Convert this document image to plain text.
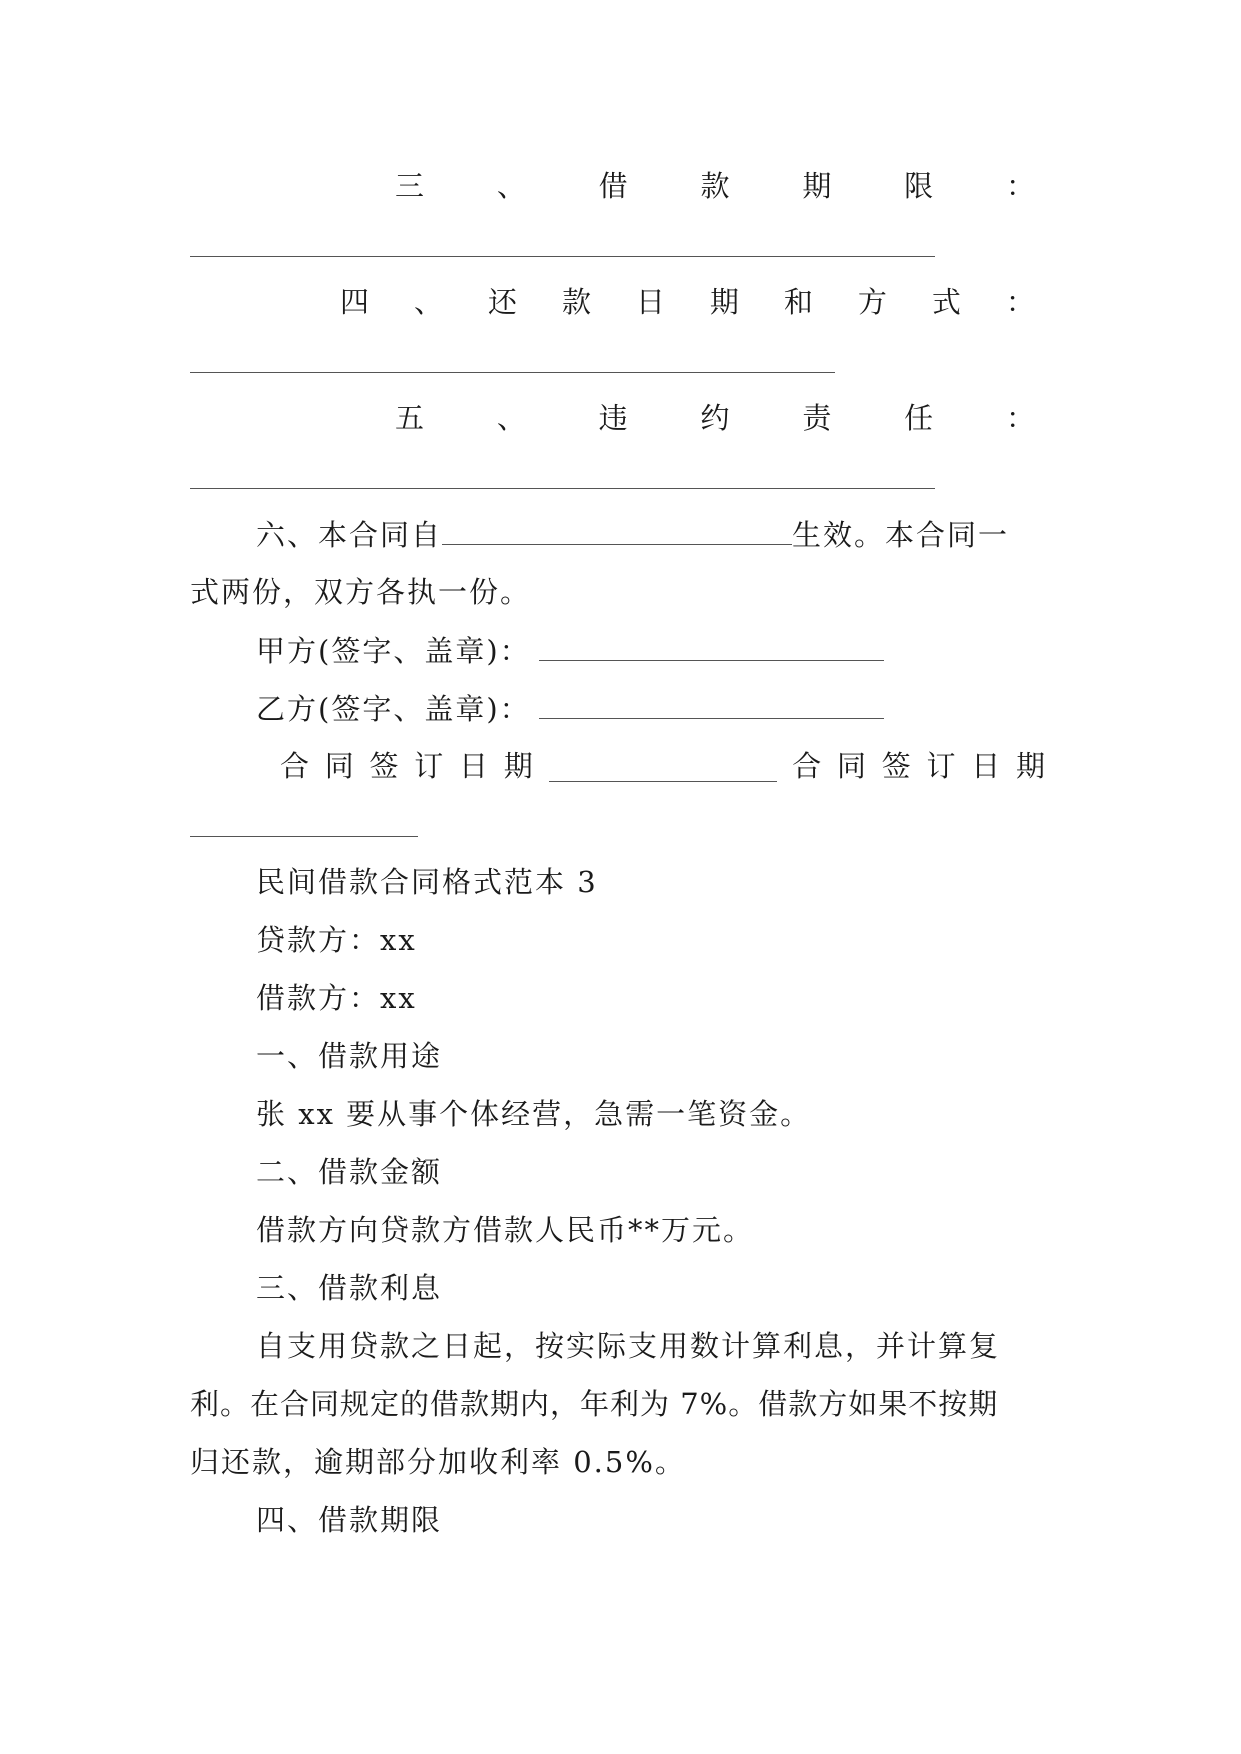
三	、	借	款	期	限	：
四 、 还 款 日 期 和 方 式 ：
五	、	违	约	责	任	：
六、本合同自	生效。本合同一
式两份，双方各执一份。
甲方(签字、盖章)：
乙方(签字、盖章)：
合 同 签 订 日 期	合 同 签 订 日 期
民间借款合同格式范本 3
贷款方：xx
借款方：xx
一、借款用途
张 xx 要从事个体经营，急需一笔资金。
二、借款金额
借款方向贷款方借款人民币**万元。
三、借款利息
自支用贷款之日起，按实际支用数计算利息，并计算复
利。在合同规定的借款期内，年利为 7%。借款方如果不按期
归还款，逾期部分加收利率 0.5%。
四、借款期限
